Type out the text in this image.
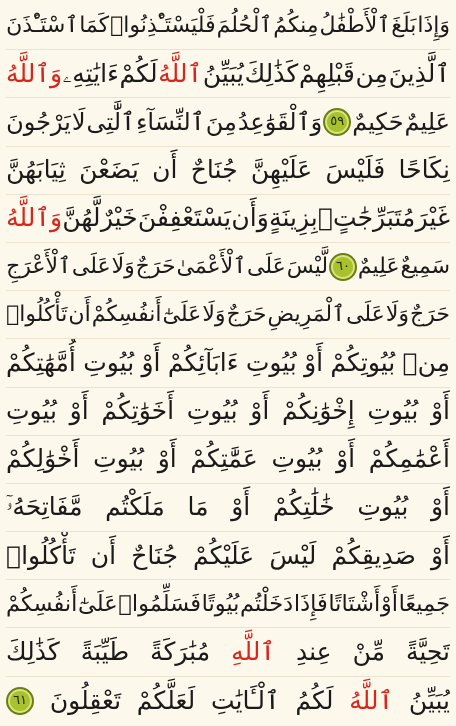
وَإِذَا
بَلَغَ
ٱلْأَطْفَٰلُ
مِنكُمُ
ٱلْحُلُمَ
فَلْيَسْتَـْٔذِنُوا۟
كَمَا
ٱسْتَـْٔذَنَ
ٱلَّذِينَ
مِن
قَبْلِهِمْ
كَذَٰلِكَ
يُبَيِّنُ
ٱللَّهُ
لَكُمْ
ءَايَٰتِهِۦ
وَٱللَّهُ
عَلِيمٌ
حَكِيمٌ
٥٩
وَٱلْقَوَٰعِدُ
مِنَ
ٱلنِّسَآءِ
ٱلَّٰتِى
لَا
يَرْجُونَ
نِكَاحًا
فَلَيْسَ
عَلَيْهِنَّ
جُنَاحٌ
أَن
يَضَعْنَ
ثِيَابَهُنَّ
غَيْرَ
مُتَبَرِّجَٰتٍۭ
بِزِينَةٍ
وَأَن
يَسْتَعْفِفْنَ
خَيْرٌ
لَّهُنَّ
وَٱللَّهُ
سَمِيعٌ
عَلِيمٌ
٦٠
لَّيْسَ
عَلَى
ٱلْأَعْمَىٰ
حَرَجٌ
وَلَا
عَلَى
ٱلْأَعْرَجِ
حَرَجٌ
وَلَا
عَلَى
ٱلْمَرِيضِ
حَرَجٌ
وَلَا
عَلَىٰٓ
أَنفُسِكُمْ
أَن
تَأْكُلُوا۟
مِنۢ
بُيُوتِكُمْ
أَوْ
بُيُوتِ
ءَابَآئِكُمْ
أَوْ
بُيُوتِ
أُمَّهَٰتِكُمْ
أَوْ
بُيُوتِ
إِخْوَٰنِكُمْ
أَوْ
بُيُوتِ
أَخَوَٰتِكُمْ
أَوْ
بُيُوتِ
أَعْمَٰمِكُمْ
أَوْ
بُيُوتِ
عَمَّٰتِكُمْ
أَوْ
بُيُوتِ
أَخْوَٰلِكُمْ
أَوْ
بُيُوتِ
خَٰلَٰتِكُمْ
أَوْ
مَا
مَلَكْتُم
مَّفَاتِحَهُۥٓ
أَوْ
صَدِيقِكُمْ
لَيْسَ
عَلَيْكُمْ
جُنَاحٌ
أَن
تَأْكُلُوا۟
جَمِيعًا
أَوْ
أَشْتَاتًا
فَإِذَا
دَخَلْتُم
بُيُوتًا
فَسَلِّمُوا۟
عَلَىٰٓ
أَنفُسِكُمْ
تَحِيَّةً
مِّنْ
عِندِ
ٱللَّهِ
مُبَٰرَكَةً
طَيِّبَةً
كَذَٰلِكَ
يُبَيِّنُ
ٱللَّهُ
لَكُمُ
ٱلْـَٔايَٰتِ
لَعَلَّكُمْ
تَعْقِلُونَ
٦١
